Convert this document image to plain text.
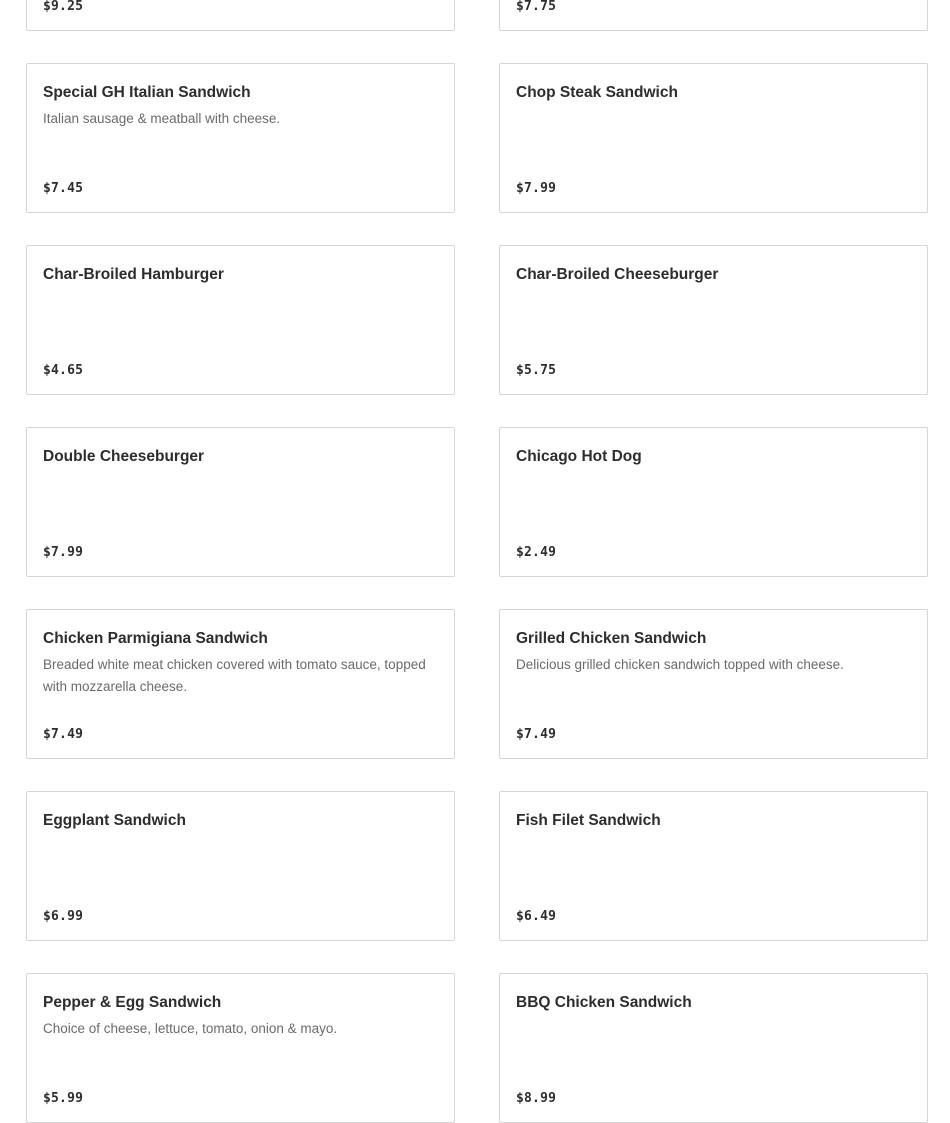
$9.25	$7.75
Special GH Italian Sandwich
Italian sausage & meatball with cheese.
$7.45
Chop Steak Sandwich
$7.99
Char-Broiled Hamburger
$4.65
Char-Broiled Cheeseburger
$5.75
Double Cheeseburger
$7.99
Chicago Hot Dog
$2.49
Chicken Parmigiana Sandwich
Breaded white meat chicken covered with tomato sauce, topped with mozzarella cheese.
$7.49
Grilled Chicken Sandwich
Delicious grilled chicken sandwich topped with cheese.
$7.49
Eggplant Sandwich
$6.99
Fish Filet Sandwich
$6.49
Pepper & Egg Sandwich
Choice of cheese, lettuce, tomato, onion & mayo.
$5.99
BBQ Chicken Sandwich
$8.99
